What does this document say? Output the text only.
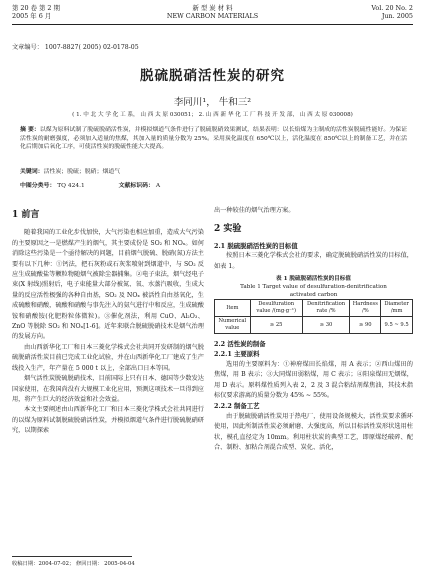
第 20 卷 第 2 期
2005 年 6 月
新 型 炭 材 料
NEW CARBON MATERIALS
Vol. 20 No. 2
Jun. 2005
文章编号： 1007-8827( 2005) 02-0178-05
脱硫脱硝活性炭的研究
李同川¹， 牛和三²
( 1. 中 北 大 学 化 工 系， 山 西 太 原 030051； 2. 山 西 新 华 化 工 厂 科 技 开 发 部， 山 西 太 原 030008)
摘 要：以煤为原料试制了脱硫脱硝活性炭，并模拟烟道气条件进行了脱硫脱硝效果测试，结果表明：以长焰煤为主制成的活性炭脱硫性能好。为保证活性炭的耐磨强度，必须加入适量的焦煤，其加入量的质量分数为 25%。采用炭化温度在 650℃以上，活化温度在 850℃以上的制备工艺，并在活化后期加后氧化工序，可使活性炭的脱硫性能大大提高。
关键词：活性炭；脱硫；脱硝；烟道气
中图分类号： TQ 424.1	文献标识码： A
1 前言

随着我国的工业化步伐加快，大气污染也相应加重，造成大气污染的主要原因之一是燃煤产生的烟气，其主要成份是 SO₂ 和 NOₓ。如何消除这些污染是一个亟待解决的问题，目前烟气脱硫、脱硝(氮)方法主要有以下几种：①钙法，把石灰粉或石灰浆喷射到烟道中，与 SO₂ 反应生成硫酸盐等颗粒物随烟气被除尘器捕集。②电子束法，烟气经电子束(X 射线)照射后，电子束能量大部分被氮、氧、水蒸汽吸收，生成大量的反应活性极强的各种自由基，SO₂ 及 NOₓ 被活性自由基氧化，生成硫酸和硝酸，硫酸和硝酸与事先注入的氨气进行中和反应，生成硫酸铵和硝酸铵(化肥粉粒体微粒)。③催化剂法，利用 CuO、Al₂O₃、ZnO 等脱除 SO₂ 和 NOₓ[1-6]。近年来联合脱硫脱硝技术是烟气治理的发展方向。

由山西新华化工厂和日本三菱化学株式会社共同开发研制的烟气脱硫脱硝活性炭目前已完成工业化试验，并在山西新华化工厂建成了生产线投入生产，年产量在 5 000 t 以上，全部出口日本等国。

烟气活性炭脱硫脱硝技术，目前国际上只有日本、德国等少数发达国家使用，在我国尚没有大规模工业化应用，预测这项技术一旦得到应用，将产生巨大的经济效益和社会效益。

本文主要阐述由山西新华化工厂和日本三菱化学株式会社共同进行的以煤为原料试制脱硫脱硝活性炭，并模拟烟道气条件进行脱硫脱硝研究，以期探索

出一种较佳的烟气治理方案。
2 实验
2.1 脱硫脱硝活性炭的目标值

按照日本三菱化学株式会社的要求，确定脱硫脱硝活性炭的目标值，如表 1。

表 1 脱硫脱硝活性炭的目标值
Table 1 Target value of desulfuration-denitrification
activated carbon
Item	Desulfuration value /(mg·g⁻¹)	Denitrification rate /%	Hardness /%	Diameter /mm
Numerical value	≥ 25	≥ 30	≥ 90	9.5 ~ 9.5
2.2 活性炭的制备
2.2.1 主要原料

选用的主要原料为：①神府煤田长焰煤，用 A 表示；②西山煤田的焦煤，用 B 表示；③大同煤田弱粘煤，用 C 表示；④阳泉煤田无烟煤，用 D 表示。原料煤性质列入表 2，2 及 3 混合粘结剂煤焦油，其技术指标仅要求游离的质量分数为 45% ~ 55%。

2.2.2 制备工艺

由于脱硫脱硝活性炭用于热电厂，使用设备规模大，活性炭要求循环使用，因此所制活性炭必须耐磨、大强度高，所以目标活性炭形状选用柱状，模孔直径定为 10mm。利用柱状炭的典型工艺，即原煤经破碎、配合、制粉、加粘合剂混合成型、炭化、活化，

收稿日期：2004-07-02； 修回日期： 2005-04-04
